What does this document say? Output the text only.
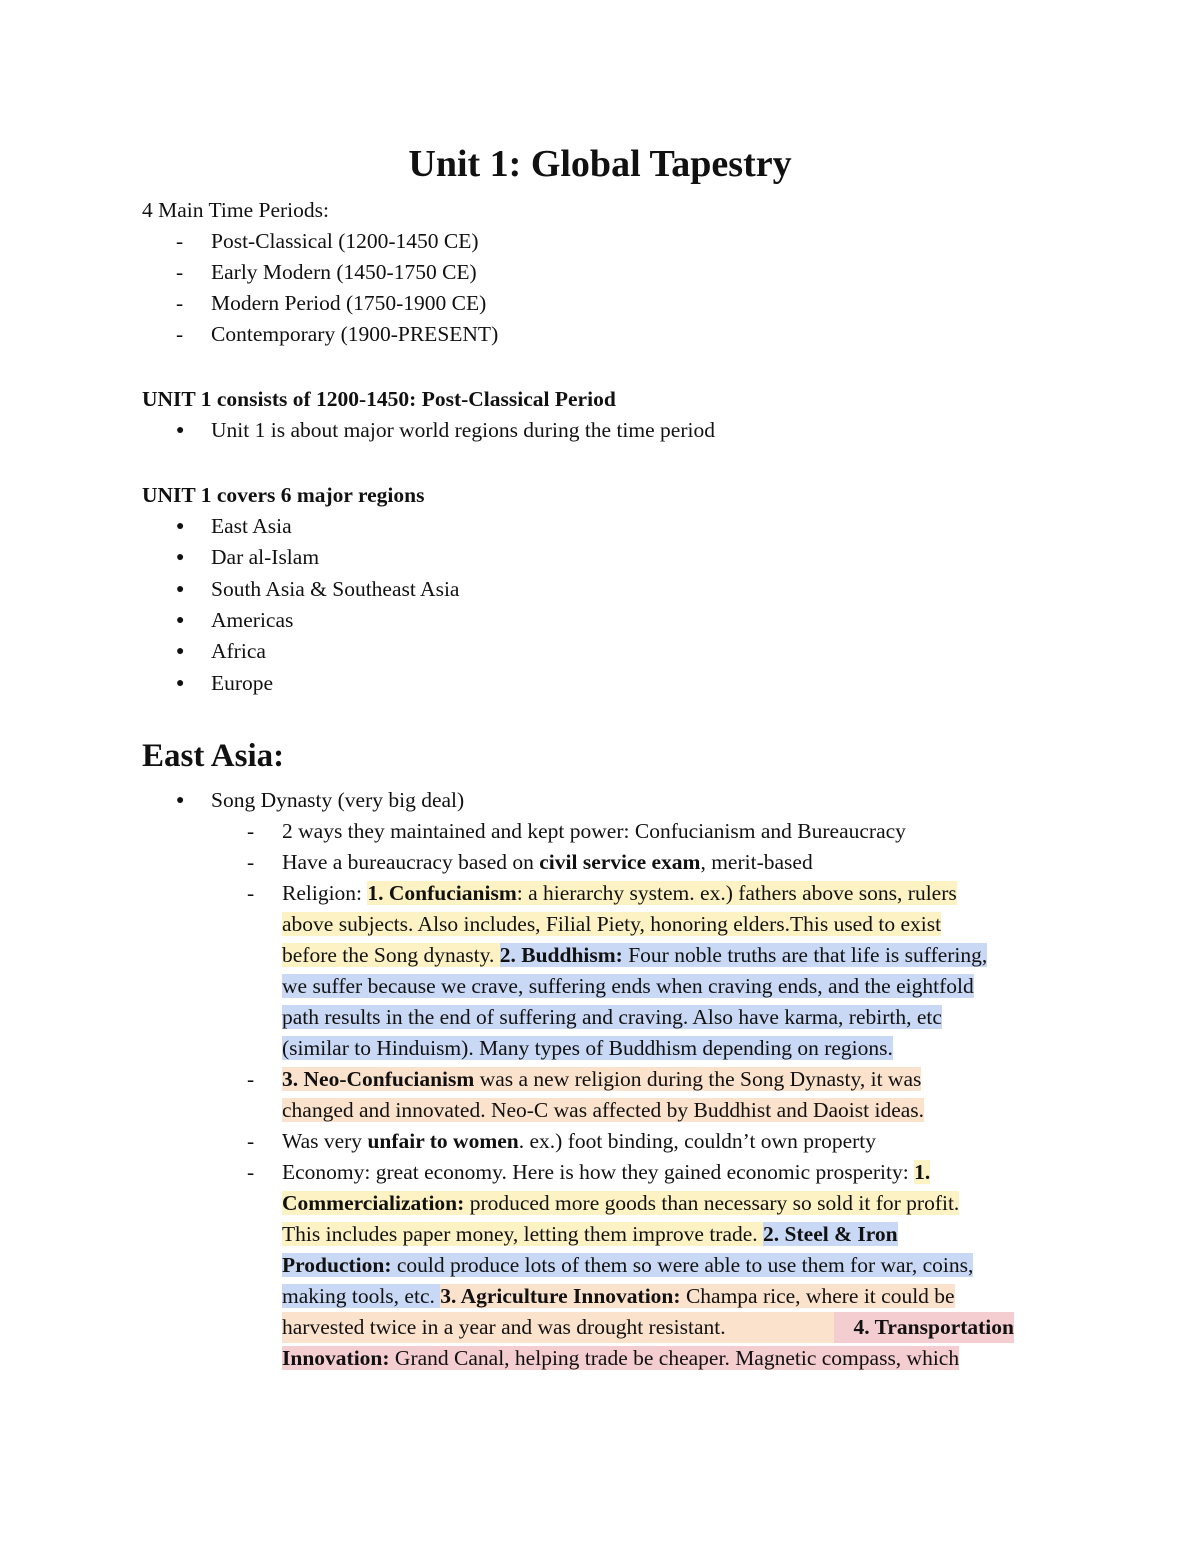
Unit 1: Global Tapestry
4 Main Time Periods:
- Post-Classical (1200-1450 CE)
- Early Modern (1450-1750 CE)
- Modern Period (1750-1900 CE)
- Contemporary (1900-PRESENT)
UNIT 1 consists of 1200-1450: Post-Classical Period
● Unit 1 is about major world regions during the time period
UNIT 1 covers 6 major regions
● East Asia
● Dar al-Islam
● South Asia & Southeast Asia
● Americas
● Africa
● Europe
East Asia:
● Song Dynasty (very big deal)
- 2 ways they maintained and kept power: Confucianism and Bureaucracy
- Have a bureaucracy based on civil service exam, merit-based
- Religion: 1. Confucianism: a hierarchy system. ex.) fathers above sons, rulers
above subjects. Also includes, Filial Piety, honoring elders.This used to exist
before the Song dynasty. 2. Buddhism: Four noble truths are that life is suffering,
we suffer because we crave, suffering ends when craving ends, and the eightfold
path results in the end of suffering and craving. Also have karma, rebirth, etc
(similar to Hinduism). Many types of Buddhism depending on regions.
- 3. Neo-Confucianism was a new religion during the Song Dynasty, it was
changed and innovated. Neo-C was affected by Buddhist and Daoist ideas.
- Was very unfair to women. ex.) foot binding, couldn’t own property
- Economy: great economy. Here is how they gained economic prosperity: 1.
Commercialization: produced more goods than necessary so sold it for profit.
This includes paper money, letting them improve trade. 2. Steel & Iron
Production: could produce lots of them so were able to use them for war, coins,
making tools, etc. 3. Agriculture Innovation: Champa rice, where it could be
harvested twice in a year and was drought resistant.	4. Transportation
Innovation: Grand Canal, helping trade be cheaper. Magnetic compass, which
